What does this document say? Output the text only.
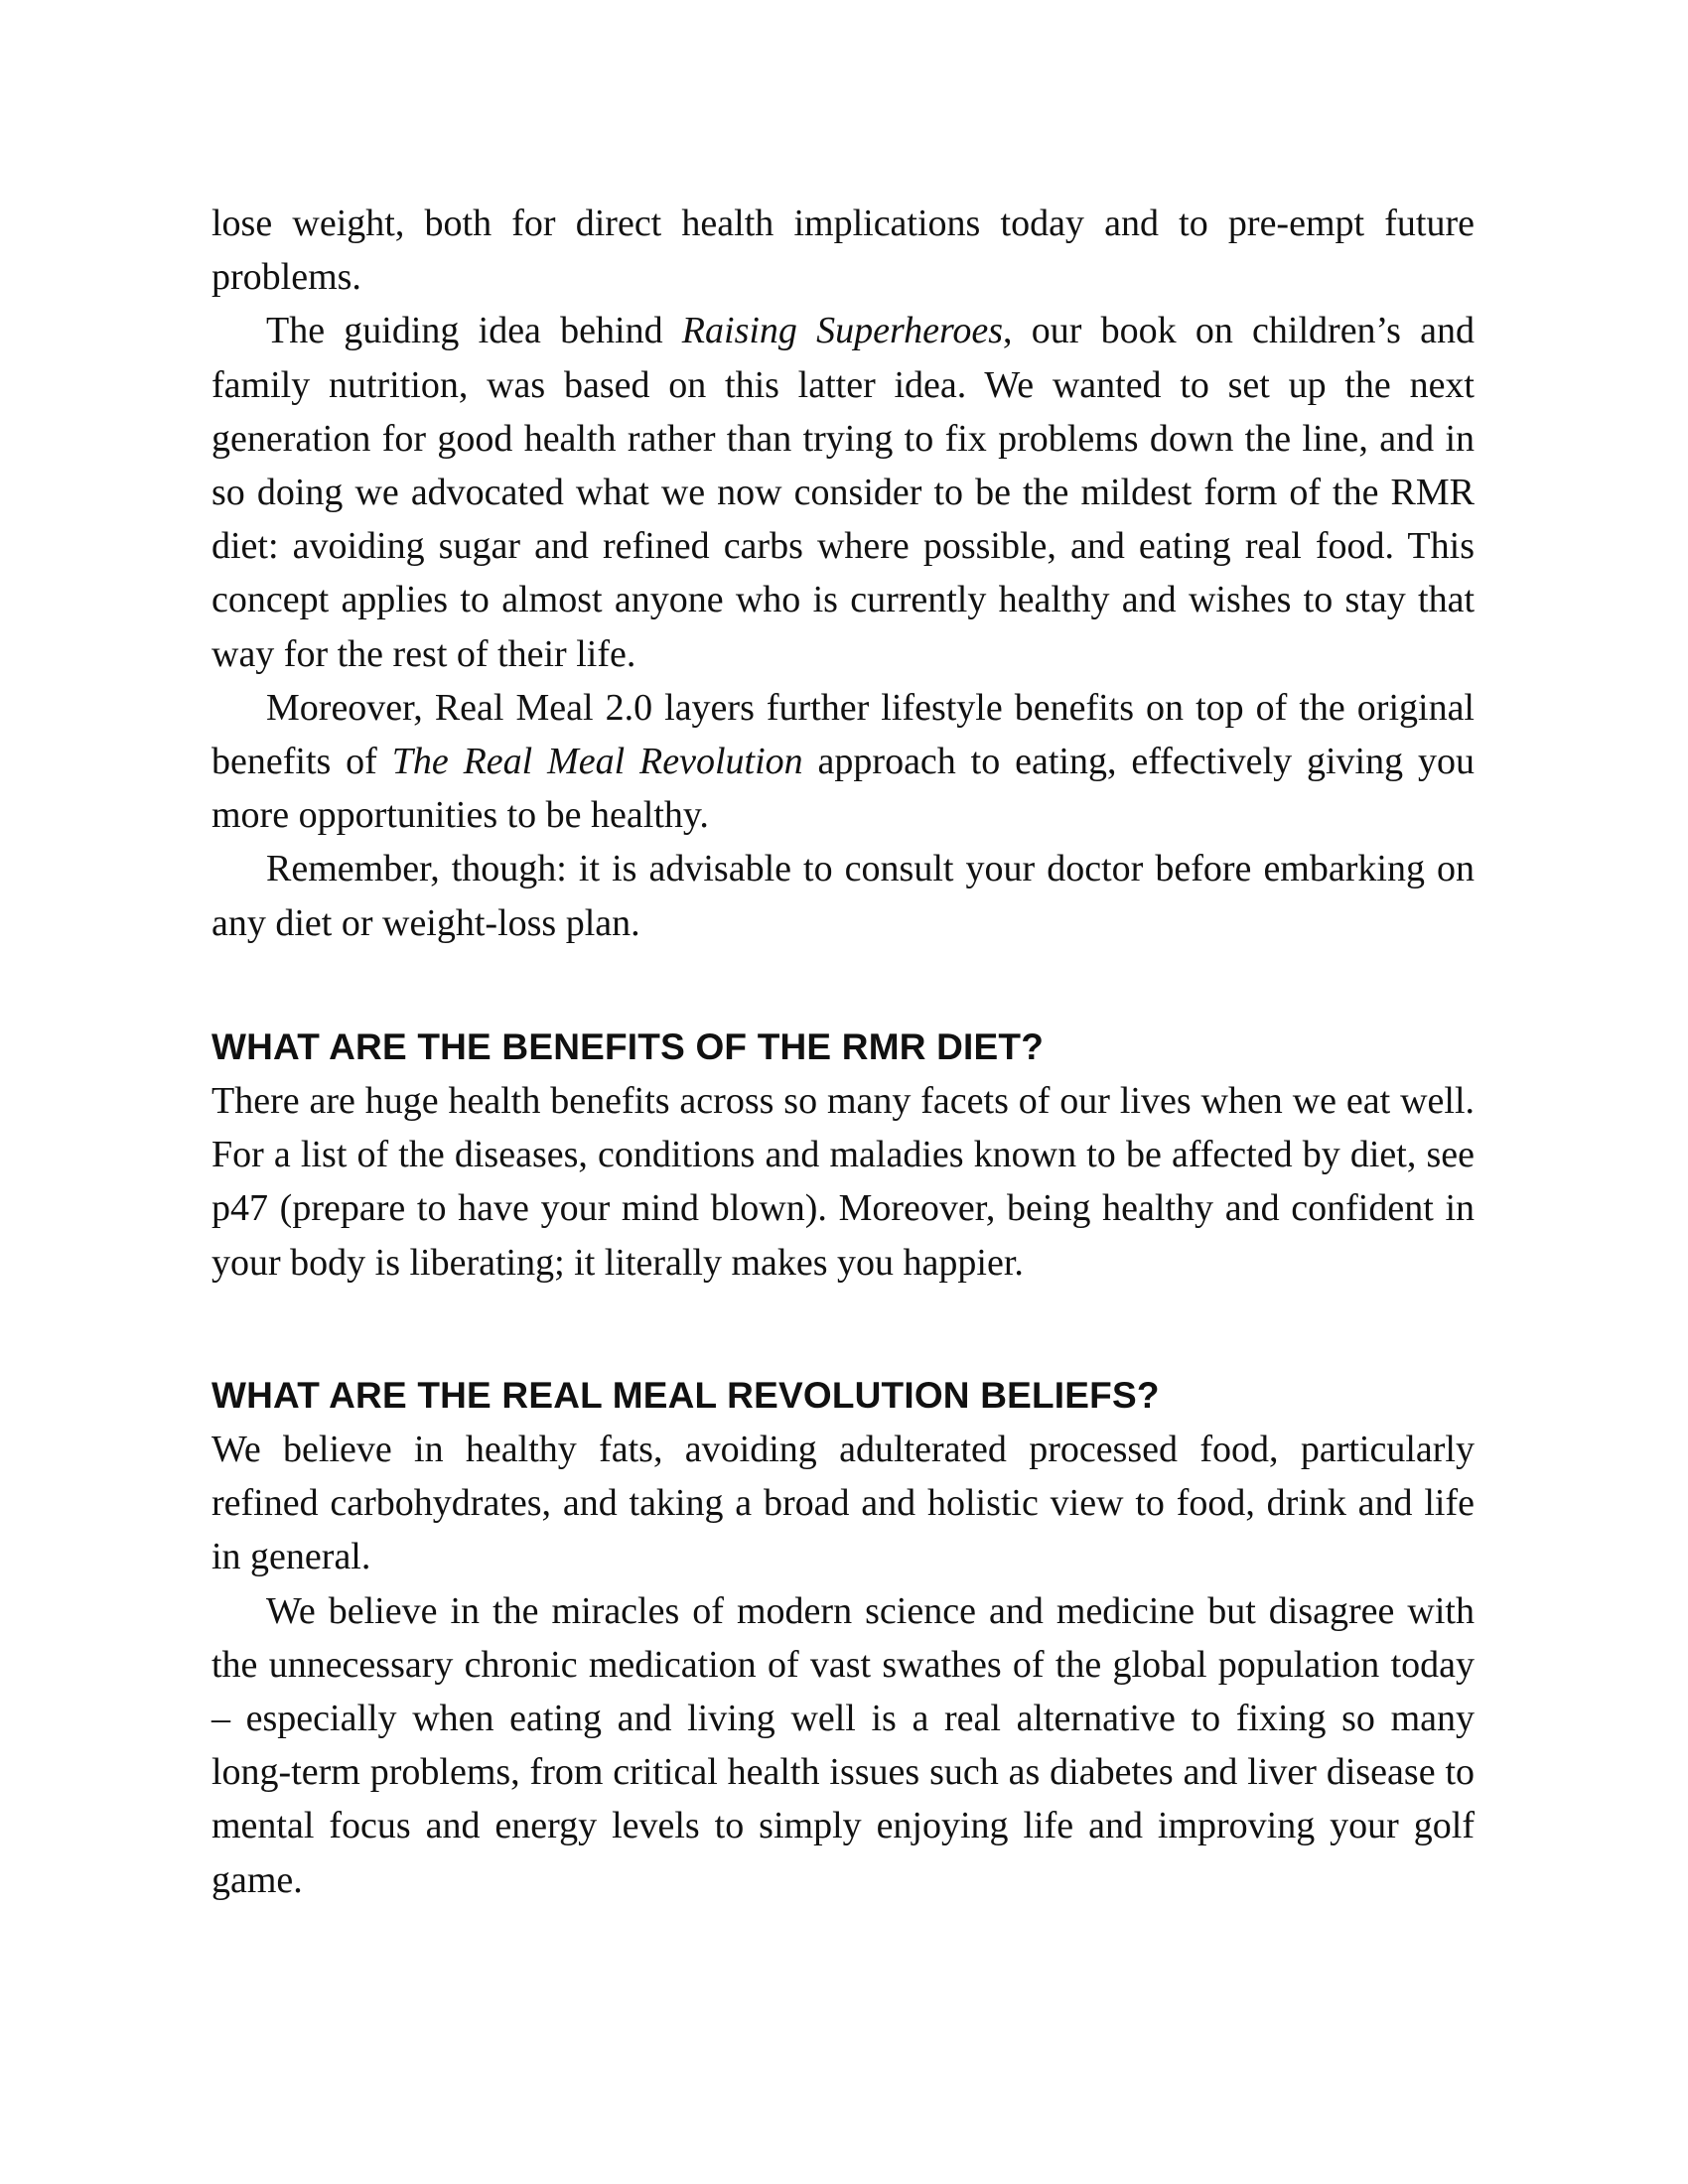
lose weight, both for direct health implications today and to pre-empt future problems.

The guiding idea behind Raising Superheroes, our book on children’s and family nutrition, was based on this latter idea. We wanted to set up the next generation for good health rather than trying to fix problems down the line, and in so doing we advocated what we now consider to be the mildest form of the RMR diet: avoiding sugar and refined carbs where possible, and eating real food. This concept applies to almost anyone who is currently healthy and wishes to stay that way for the rest of their life.

Moreover, Real Meal 2.0 layers further lifestyle benefits on top of the original benefits of The Real Meal Revolution approach to eating, effectively giving you more opportunities to be healthy.

Remember, though: it is advisable to consult your doctor before embarking on any diet or weight-loss plan.

WHAT ARE THE BENEFITS OF THE RMR DIET?

There are huge health benefits across so many facets of our lives when we eat well. For a list of the diseases, conditions and maladies known to be affected by diet, see p47 (prepare to have your mind blown). Moreover, being healthy and confident in your body is liberating; it literally makes you happier.

WHAT ARE THE REAL MEAL REVOLUTION BELIEFS?

We believe in healthy fats, avoiding adulterated processed food, particularly refined carbohydrates, and taking a broad and holistic view to food, drink and life in general.

We believe in the miracles of modern science and medicine but disagree with the unnecessary chronic medication of vast swathes of the global population today – especially when eating and living well is a real alternative to fixing so many long-term problems, from critical health issues such as diabetes and liver disease to mental focus and energy levels to simply enjoying life and improving your golf game.
